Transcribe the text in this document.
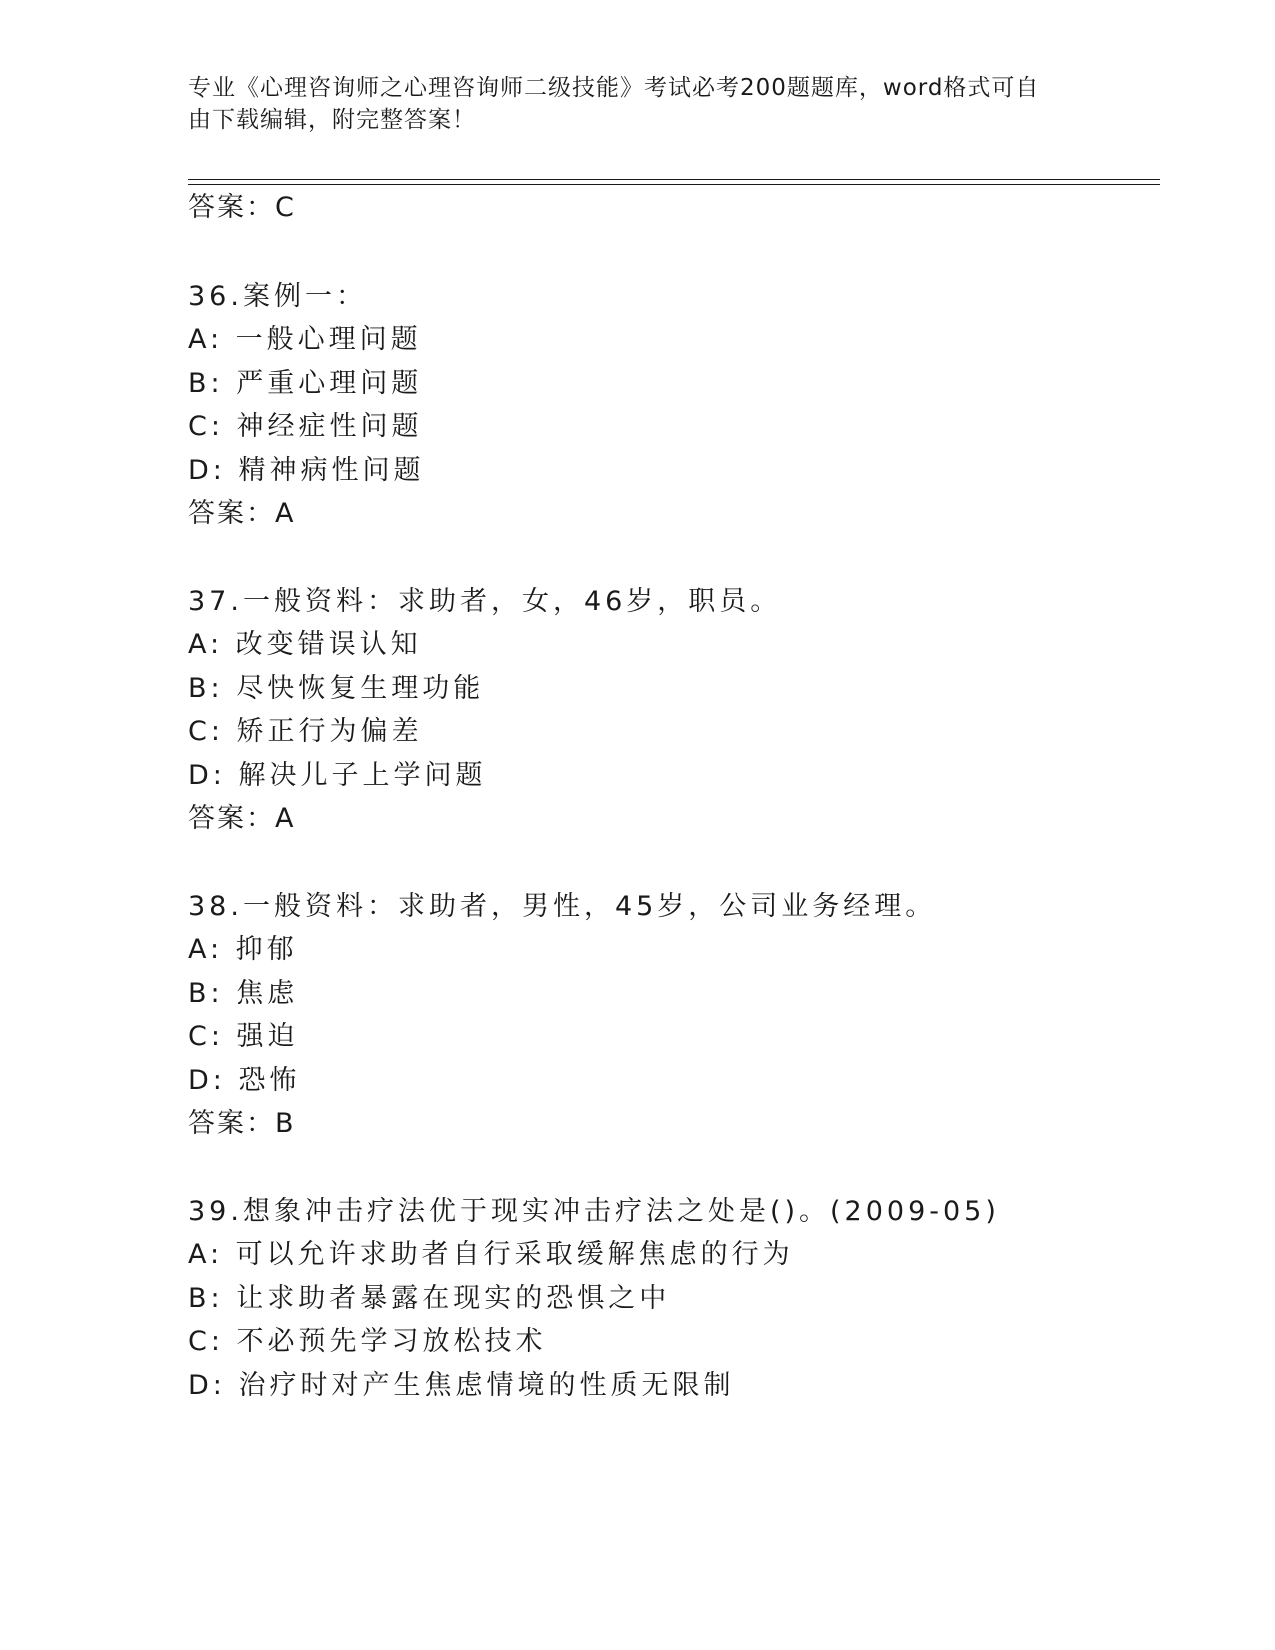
专业《心理咨询师之心理咨询师二级技能》考试必考200题题库，word格式可自
由下载编辑，附完整答案！
答案：C
36.案例一：
A: 一般心理问题
B: 严重心理问题
C: 神经症性问题
D: 精神病性问题
答案：A
37.一般资料：求助者，女，46岁，职员。
A: 改变错误认知
B: 尽快恢复生理功能
C: 矫正行为偏差
D: 解决儿子上学问题
答案：A
38.一般资料：求助者，男性，45岁，公司业务经理。
A: 抑郁
B: 焦虑
C: 强迫
D: 恐怖
答案：B
39.想象冲击疗法优于现实冲击疗法之处是()。(2009-05)
A: 可以允许求助者自行采取缓解焦虑的行为
B: 让求助者暴露在现实的恐惧之中
C: 不必预先学习放松技术
D: 治疗时对产生焦虑情境的性质无限制
